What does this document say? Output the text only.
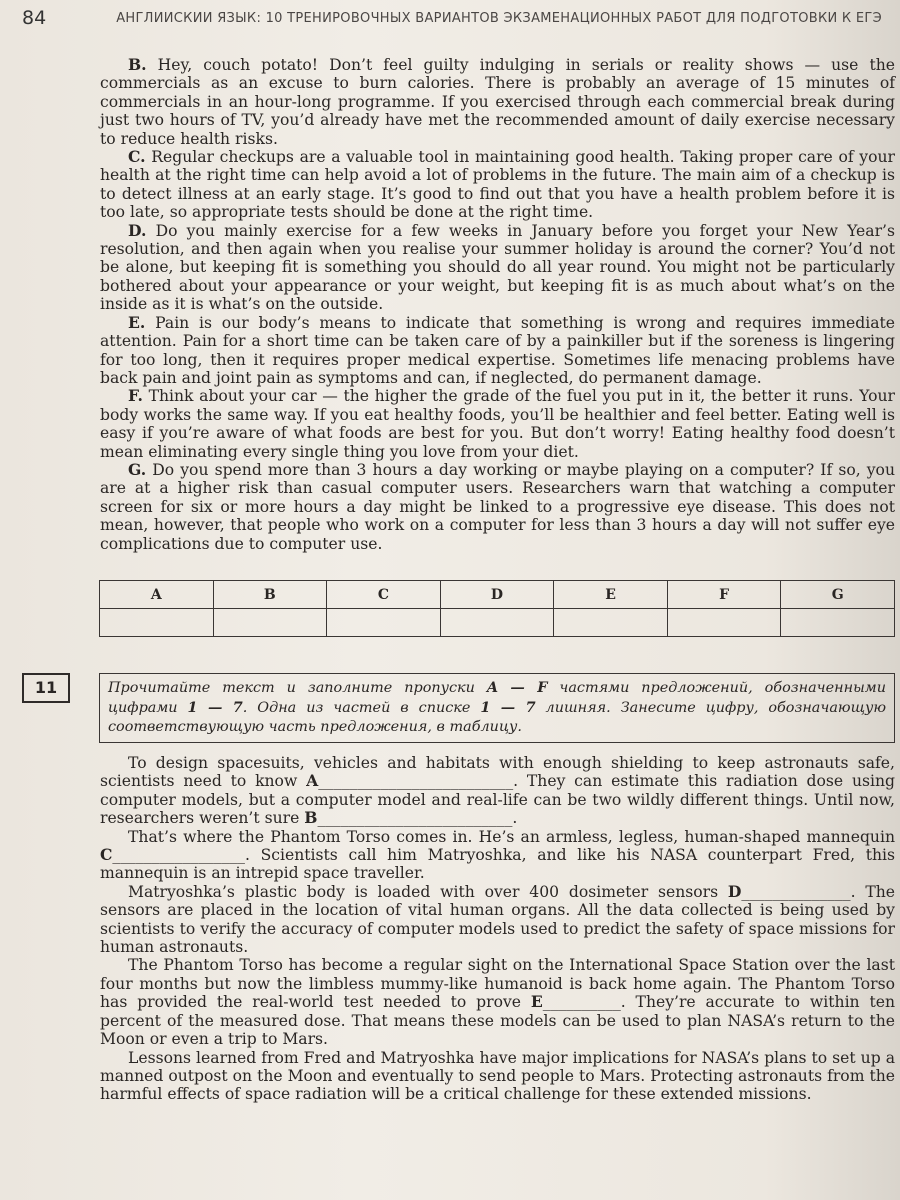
84	АНГЛИЙСКИЙ ЯЗЫК: 10 ТРЕНИРОВОЧНЫХ ВАРИАНТОВ ЭКЗАМЕНАЦИОННЫХ РАБОТ ДЛЯ ПОДГОТОВКИ К ЕГЭ

B. Hey, couch potato! Don’t feel guilty indulging in serials or reality shows — use the commercials as an excuse to burn calories. There is probably an average of 15 minutes of commercials in an hour-long programme. If you exercised through each commercial break during just two hours of TV, you’d already have met the recommended amount of daily exercise necessary to reduce health risks.

C. Regular checkups are a valuable tool in maintaining good health. Taking proper care of your health at the right time can help avoid a lot of problems in the future. The main aim of a checkup is to detect illness at an early stage. It’s good to find out that you have a health problem before it is too late, so appropriate tests should be done at the right time.

D. Do you mainly exercise for a few weeks in January before you forget your New Year’s resolution, and then again when you realise your summer holiday is around the corner? You’d not be alone, but keeping fit is something you should do all year round. You might not be particularly bothered about your appearance or your weight, but keeping fit is as much about what’s on the inside as it is what’s on the outside.

E. Pain is our body’s means to indicate that something is wrong and requires immediate attention. Pain for a short time can be taken care of by a painkiller but if the soreness is lingering for too long, then it requires proper medical expertise. Sometimes life menacing problems have back pain and joint pain as symptoms and can, if neglected, do permanent damage.

F. Think about your car — the higher the grade of the fuel you put in it, the better it runs. Your body works the same way. If you eat healthy foods, you’ll be healthier and feel better. Eating well is easy if you’re aware of what foods are best for you. But don’t worry! Eating healthy food doesn’t mean eliminating every single thing you love from your diet.

G. Do you spend more than 3 hours a day working or maybe playing on a computer? If so, you are at a higher risk than casual computer users. Researchers warn that watching a computer screen for six or more hours a day might be linked to a progressive eye disease. This does not mean, however, that people who work on a computer for less than 3 hours a day will not suffer eye complications due to computer use.

A	B	C	D	E	F	G

11	Прочитайте текст и заполните пропуски A — F частями предложений, обозначенными цифрами 1 — 7. Одна из частей в списке 1 — 7 лишняя. Занесите цифру, обозначающую соответствующую часть предложения, в таблицу.

To design spacesuits, vehicles and habitats with enough shielding to keep astronauts safe, scientists need to know A_________________________. They can estimate this radiation dose using computer models, but a computer model and real-life can be two wildly different things. Until now, researchers weren’t sure B_________________________.

That’s where the Phantom Torso comes in. He’s an armless, legless, human-shaped mannequin C_________________. Scientists call him Matryoshka, and like his NASA counterpart Fred, this mannequin is an intrepid space traveller.

Matryoshka’s plastic body is loaded with over 400 dosimeter sensors D______________. The sensors are placed in the location of vital human organs. All the data collected is being used by scientists to verify the accuracy of computer models used to predict the safety of space missions for human astronauts.

The Phantom Torso has become a regular sight on the International Space Station over the last four months but now the limbless mummy-like humanoid is back home again. The Phantom Torso has provided the real-world test needed to prove E__________. They’re accurate to within ten percent of the measured dose. That means these models can be used to plan NASA’s return to the Moon or even a trip to Mars.

Lessons learned from Fred and Matryoshka have major implications for NASA’s plans to set up a manned outpost on the Moon and eventually to send people to Mars. Protecting astronauts from the harmful effects of space radiation will be a critical challenge for these extended missions.
